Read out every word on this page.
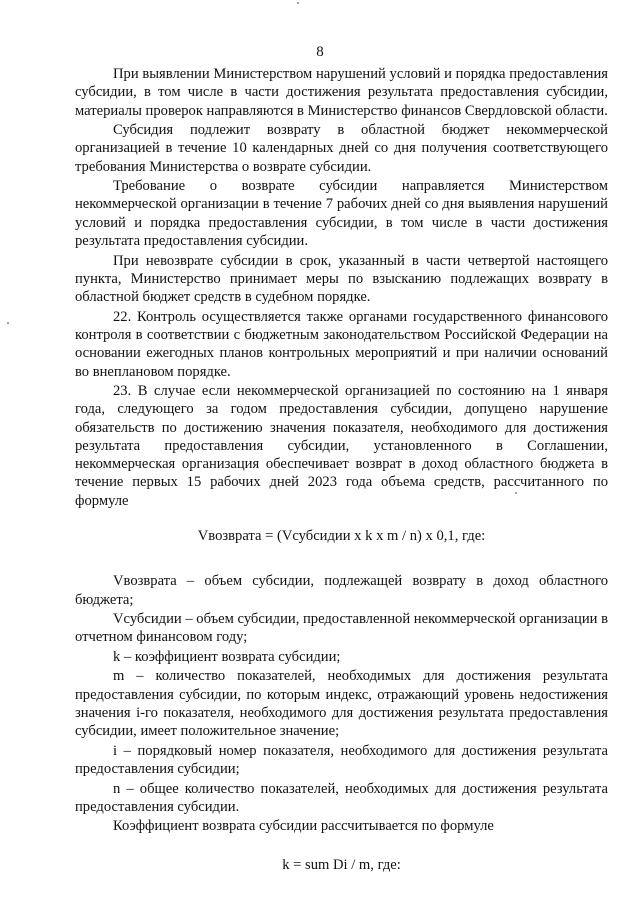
8

При выявлении Министерством нарушений условий и порядка предоставления субсидии, в том числе в части достижения результата предоставления субсидии, материалы проверок направляются в Министерство финансов Свердловской области.

Субсидия подлежит возврату в областной бюджет некоммерческой организацией в течение 10 календарных дней со дня получения соответствующего требования Министерства о возврате субсидии.

Требование о возврате субсидии направляется Министерством некоммерческой организации в течение 7 рабочих дней со дня выявления нарушений условий и порядка предоставления субсидии, в том числе в части достижения результата предоставления субсидии.

При невозврате субсидии в срок, указанный в части четвертой настоящего пункта, Министерство принимает меры по взысканию подлежащих возврату в областной бюджет средств в судебном порядке.

22. Контроль осуществляется также органами государственного финансового контроля в соответствии с бюджетным законодательством Российской Федерации на основании ежегодных планов контрольных мероприятий и при наличии оснований во внеплановом порядке.

23. В случае если некоммерческой организацией по состоянию на 1 января года, следующего за годом предоставления субсидии, допущено нарушение обязательств по достижению значения показателя, необходимого для достижения результата предоставления субсидии, установленного в Соглашении, некоммерческая организация обеспечивает возврат в доход областного бюджета в течение первых 15 рабочих дней 2023 года объема средств, рассчитанного по формуле

Vвозврата = (Vсубсидии x k x m / n) x 0,1, где:

Vвозврата – объем субсидии, подлежащей возврату в доход областного бюджета;

Vсубсидии – объем субсидии, предоставленной некоммерческой организации в отчетном финансовом году;

k – коэффициент возврата субсидии;

m – количество показателей, необходимых для достижения результата предоставления субсидии, по которым индекс, отражающий уровень недостижения значения i-го показателя, необходимого для достижения результата предоставления субсидии, имеет положительное значение;

i – порядковый номер показателя, необходимого для достижения результата предоставления субсидии;

n – общее количество показателей, необходимых для достижения результата предоставления субсидии.

Коэффициент возврата субсидии рассчитывается по формуле

k = sum Di / m, где:
